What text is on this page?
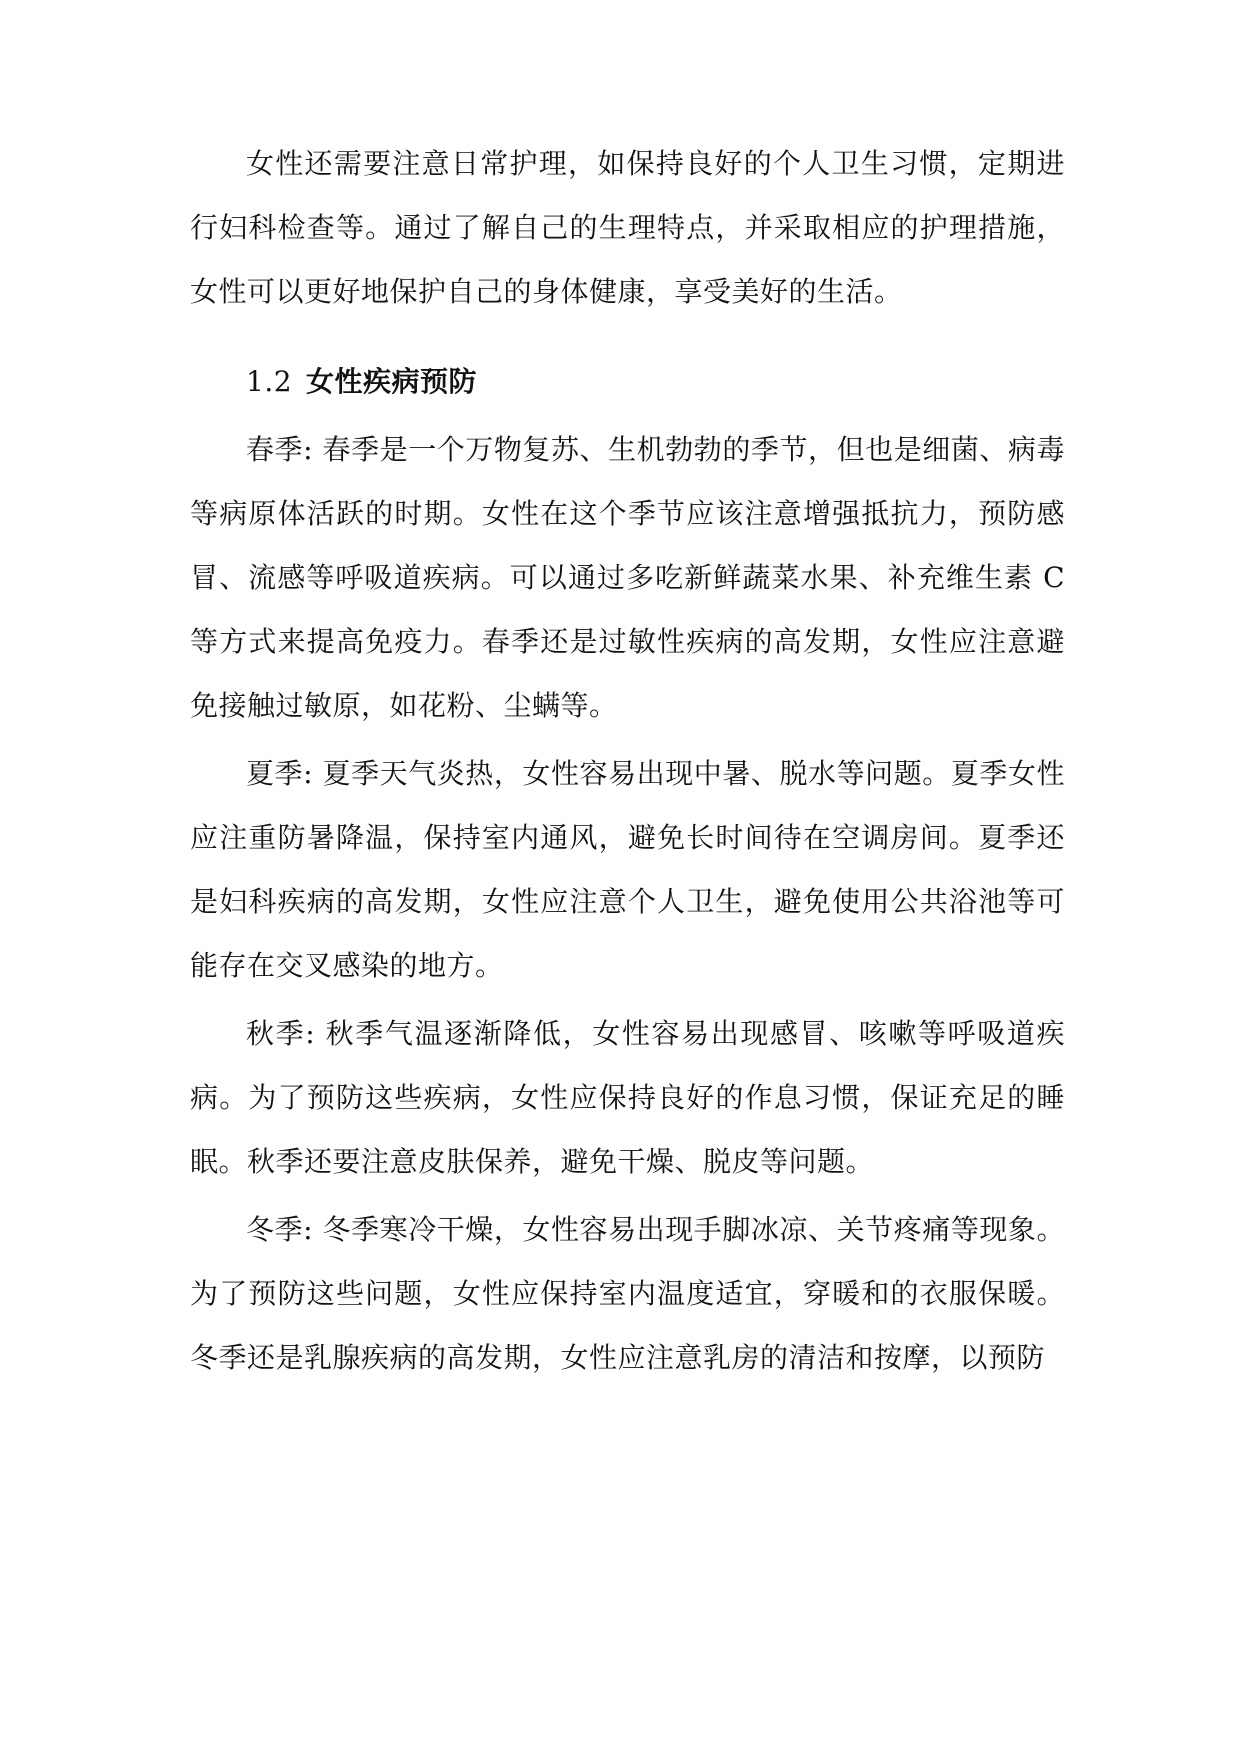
女性还需要注意日常护理，如保持良好的个人卫生习惯，定期进行妇科检查等。通过了解自己的生理特点，并采取相应的护理措施，女性可以更好地保护自己的身体健康，享受美好的生活。

1.2 女性疾病预防

春季: 春季是一个万物复苏、生机勃勃的季节，但也是细菌、病毒等病原体活跃的时期。女性在这个季节应该注意增强抵抗力，预防感冒、流感等呼吸道疾病。可以通过多吃新鲜蔬菜水果、补充维生素 C 等方式来提高免疫力。春季还是过敏性疾病的高发期，女性应注意避免接触过敏原，如花粉、尘螨等。

夏季: 夏季天气炎热，女性容易出现中暑、脱水等问题。夏季女性应注重防暑降温，保持室内通风，避免长时间待在空调房间。夏季还是妇科疾病的高发期，女性应注意个人卫生，避免使用公共浴池等可能存在交叉感染的地方。

秋季: 秋季气温逐渐降低，女性容易出现感冒、咳嗽等呼吸道疾病。为了预防这些疾病，女性应保持良好的作息习惯，保证充足的睡眠。秋季还要注意皮肤保养，避免干燥、脱皮等问题。

冬季: 冬季寒冷干燥，女性容易出现手脚冰凉、关节疼痛等现象。为了预防这些问题，女性应保持室内温度适宜，穿暖和的衣服保暖。冬季还是乳腺疾病的高发期，女性应注意乳房的清洁和按摩，以预防
